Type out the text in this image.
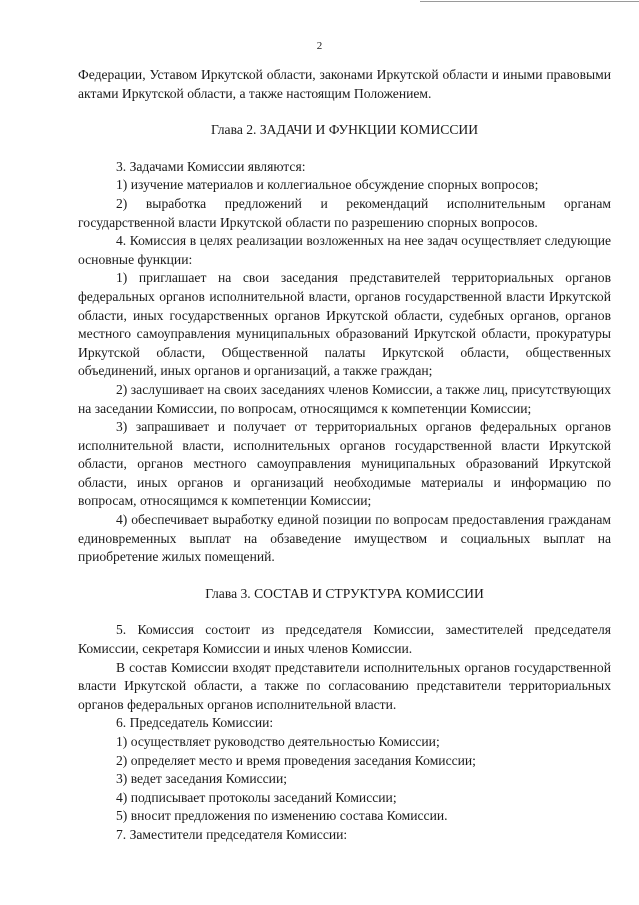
2

Федерации, Уставом Иркутской области, законами Иркутской области и иными правовыми актами Иркутской области, а также настоящим Положением.

Глава 2. ЗАДАЧИ И ФУНКЦИИ КОМИССИИ

3. Задачами Комиссии являются:

1) изучение материалов и коллегиальное обсуждение спорных вопросов;

2) выработка предложений и рекомендаций исполнительным органам государственной власти Иркутской области по разрешению спорных вопросов.

4. Комиссия в целях реализации возложенных на нее задач осуществляет следующие основные функции:

1) приглашает на свои заседания представителей территориальных органов федеральных органов исполнительной власти, органов государственной власти Иркутской области, иных государственных органов Иркутской области, судебных органов, органов местного самоуправления муниципальных образований Иркутской области, прокуратуры Иркутской области, Общественной палаты Иркутской области, общественных объединений, иных органов и организаций, а также граждан;

2) заслушивает на своих заседаниях членов Комиссии, а также лиц, присутствующих на заседании Комиссии, по вопросам, относящимся к компетенции Комиссии;

3) запрашивает и получает от территориальных органов федеральных органов исполнительной власти, исполнительных органов государственной власти Иркутской области, органов местного самоуправления муниципальных образований Иркутской области, иных органов и организаций необходимые материалы и информацию по вопросам, относящимся к компетенции Комиссии;

4) обеспечивает выработку единой позиции по вопросам предоставления гражданам единовременных выплат на обзаведение имуществом и социальных выплат на приобретение жилых помещений.

Глава 3. СОСТАВ И СТРУКТУРА КОМИССИИ

5. Комиссия состоит из председателя Комиссии, заместителей председателя Комиссии, секретаря Комиссии и иных членов Комиссии.

В состав Комиссии входят представители исполнительных органов государственной власти Иркутской области, а также по согласованию представители территориальных органов федеральных органов исполнительной власти.

6. Председатель Комиссии:

1) осуществляет руководство деятельностью Комиссии;

2) определяет место и время проведения заседания Комиссии;

3) ведет заседания Комиссии;

4) подписывает протоколы заседаний Комиссии;

5) вносит предложения по изменению состава Комиссии.

7. Заместители председателя Комиссии:
